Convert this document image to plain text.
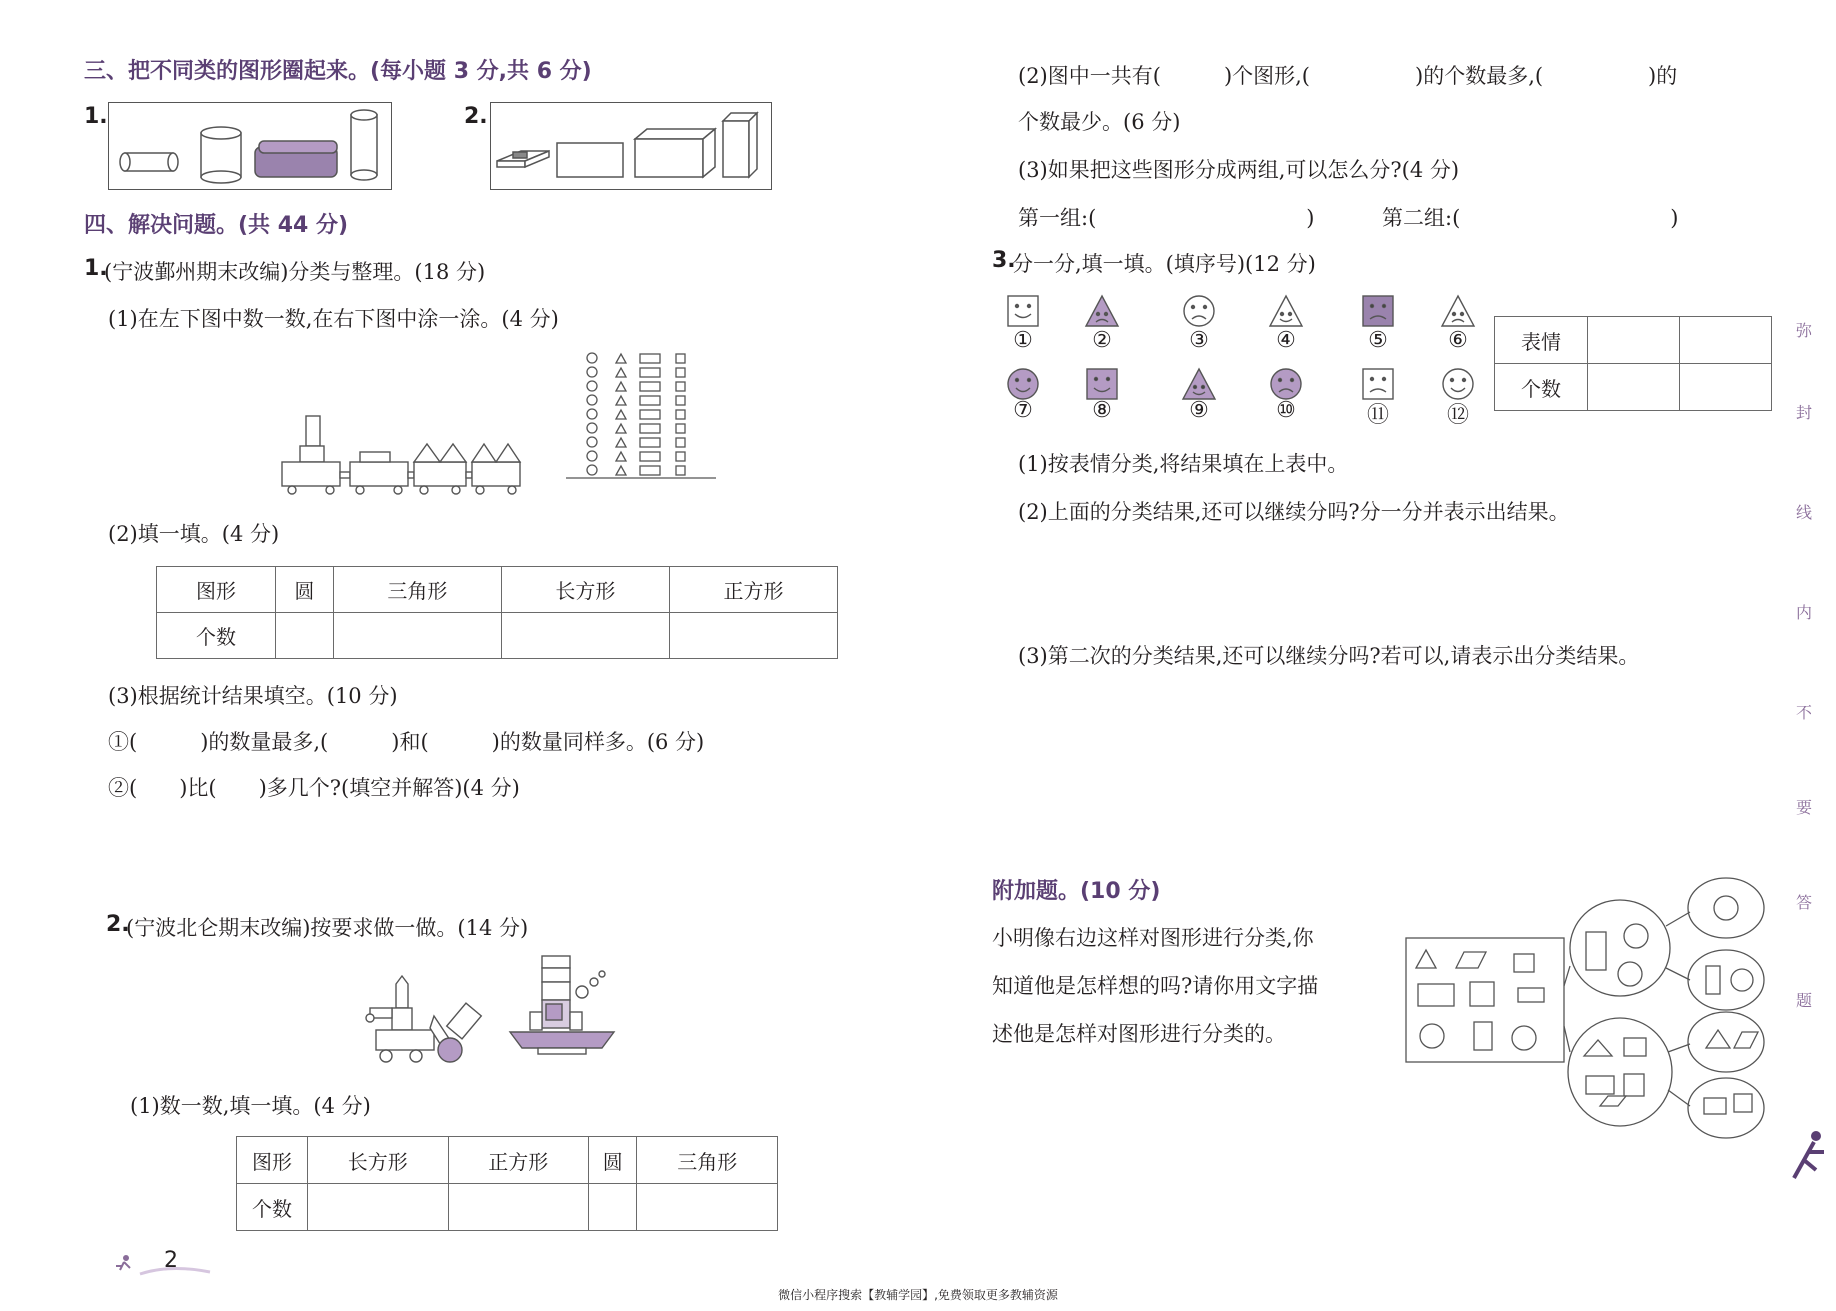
三、把不同类的图形圈起来。(每小题 3 分,共 6 分)
1.	2.
四、解决问题。(共 44 分)
1.
(宁波鄞州期末改编)分类与整理。(18 分)
(1)在左下图中数一数,在右下图中涂一涂。(4 分)
(2)填一填。(4 分)
图形	圆	三角形	长方形	正方形
个数				
(3)根据统计结果填空。(10 分)
①(　　　)的数量最多,(　　　)和(　　　)的数量同样多。(6 分)
②(　　)比(　　)多几个?(填空并解答)(4 分)
2.
(宁波北仑期末改编)按要求做一做。(14 分)
(1)数一数,填一填。(4 分)
图形	长方形	正方形	圆	三角形
个数				
2
(2)图中一共有(　　　)个图形,(　　　　　)的个数最多,(　　　　　)的
个数最少。(6 分)
(3)如果把这些图形分成两组,可以怎么分?(4 分)
第一组:(　　　　　　　　　　)	第二组:(　　　　　　　　　　)
3.
分一分,填一填。(填序号)(12 分)
①	②	③	④	⑤	⑥
⑦	⑧	⑨	⑩	⑪	⑫
表情		
个数		
(1)按表情分类,将结果填在上表中。
(2)上面的分类结果,还可以继续分吗?分一分并表示出结果。
(3)第二次的分类结果,还可以继续分吗?若可以,请表示出分类结果。
附加题。(10 分)
小明像右边这样对图形进行分类,你
知道他是怎样想的吗?请你用文字描
述他是怎样对图形进行分类的。
弥
封
线
内
不
要
答
题
微信小程序搜索【教辅学园】,免费领取更多教辅资源
